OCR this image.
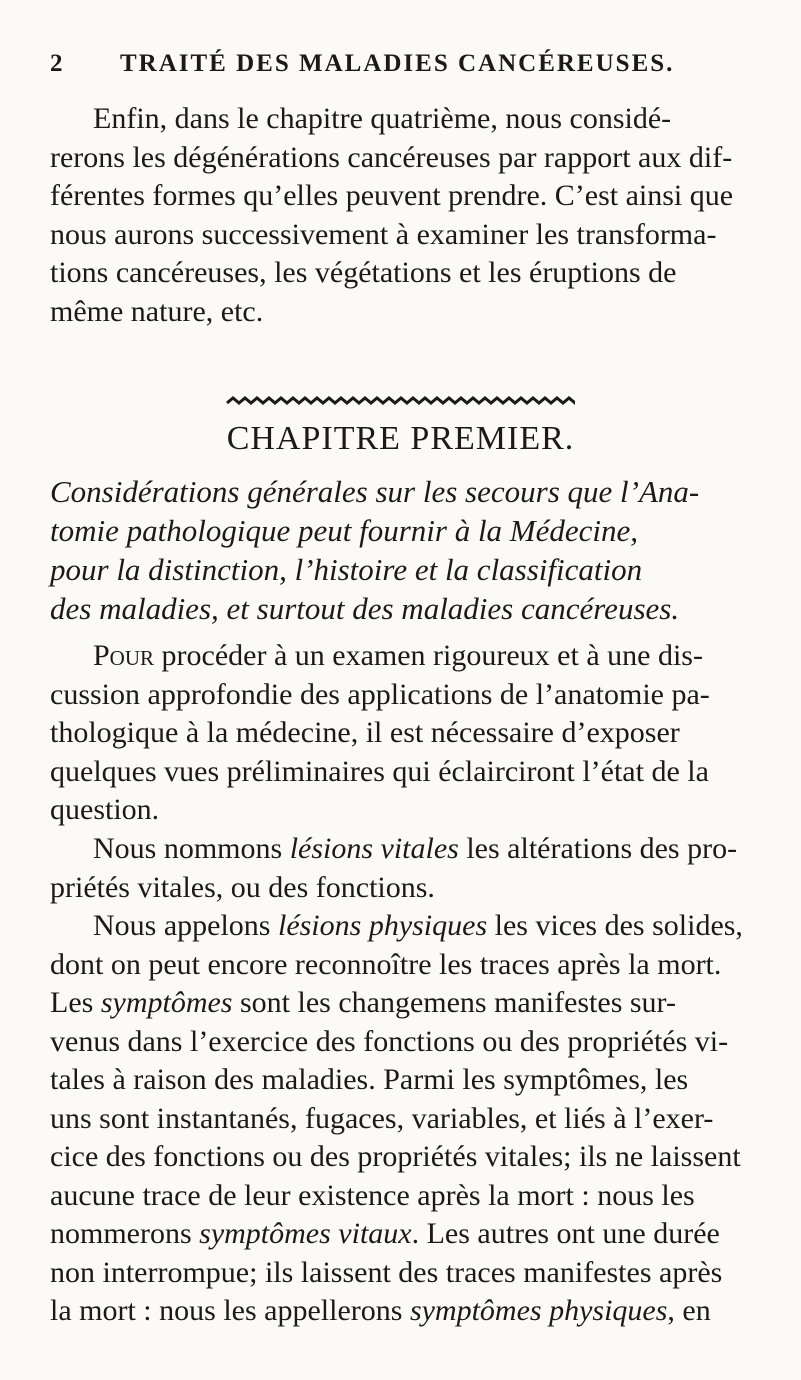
2 TRAITÉ DES MALADIES CANCÉREUSES.

Enfin, dans le chapitre quatrième, nous considé-
rerons les dégénérations cancéreuses par rapport aux dif-
férentes formes qu’elles peuvent prendre. C’est ainsi que
nous aurons successivement à examiner les transforma-
tions cancéreuses, les végétations et les éruptions de
même nature, etc.

CHAPITRE PREMIER.

Considérations générales sur les secours que l’Ana-
tomie pathologique peut fournir à la Médecine,
pour la distinction, l’histoire et la classification
des maladies, et surtout des maladies cancéreuses.

Pour procéder à un examen rigoureux et à une dis-
cussion approfondie des applications de l’anatomie pa-
thologique à la médecine, il est nécessaire d’exposer
quelques vues préliminaires qui éclairciront l’état de la
question.

Nous nommons lésions vitales les altérations des pro-
priétés vitales, ou des fonctions.

Nous appelons lésions physiques les vices des solides,
dont on peut encore reconnoître les traces après la mort.
Les symptômes sont les changemens manifestes sur-
venus dans l’exercice des fonctions ou des propriétés vi-
tales à raison des maladies. Parmi les symptômes, les
uns sont instantanés, fugaces, variables, et liés à l’exer-
cice des fonctions ou des propriétés vitales; ils ne laissent
aucune trace de leur existence après la mort : nous les
nommerons symptômes vitaux. Les autres ont une durée
non interrompue; ils laissent des traces manifestes après
la mort : nous les appellerons symptômes physiques, en
